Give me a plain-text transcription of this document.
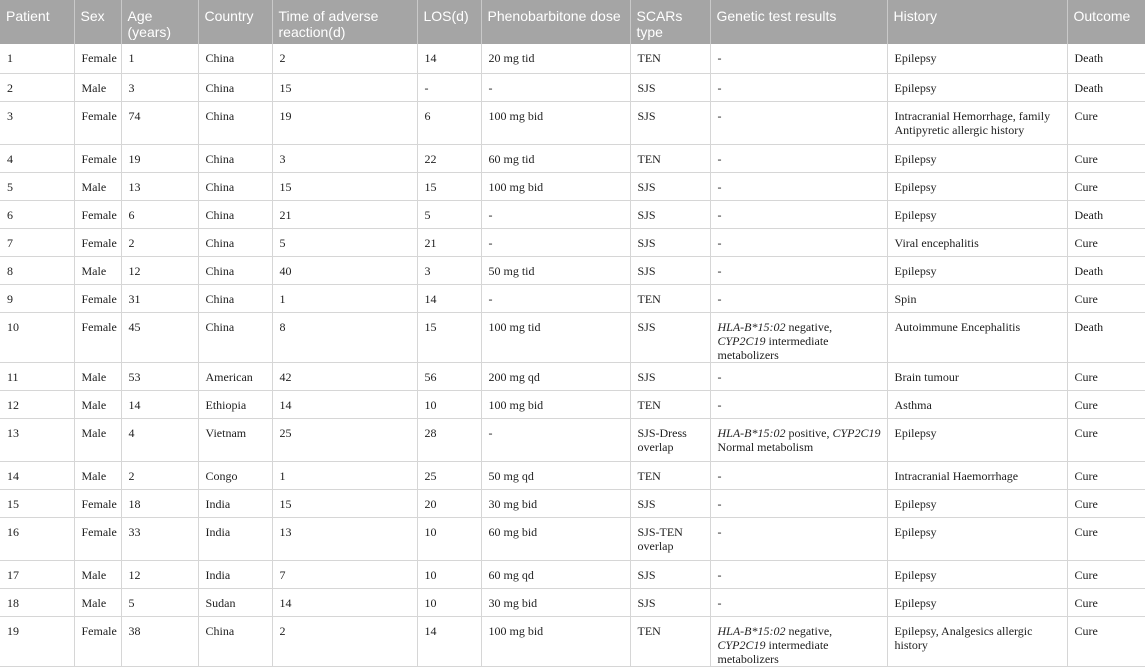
Patient	Sex	Age (years)	Country	Time of adverse reaction(d)	LOS(d)	Phenobarbitone dose	SCARs type	Genetic test results	History	Outcome
1	Female	1	China	2	14	20 mg tid	TEN	-	Epilepsy	Death
2	Male	3	China	15	-	-	SJS	-	Epilepsy	Death
3	Female	74	China	19	6	100 mg bid	SJS	-	Intracranial Hemorrhage, family Antipyretic allergic history	Cure
4	Female	19	China	3	22	60 mg tid	TEN	-	Epilepsy	Cure
5	Male	13	China	15	15	100 mg bid	SJS	-	Epilepsy	Cure
6	Female	6	China	21	5	-	SJS	-	Epilepsy	Death
7	Female	2	China	5	21	-	SJS	-	Viral encephalitis	Cure
8	Male	12	China	40	3	50 mg tid	SJS	-	Epilepsy	Death
9	Female	31	China	1	14	-	TEN	-	Spin	Cure
10	Female	45	China	8	15	100 mg tid	SJS	HLA-B*15:02 negative, CYP2C19 intermediate metabolizers	Autoimmune Encephalitis	Death
11	Male	53	American	42	56	200 mg qd	SJS	-	Brain tumour	Cure
12	Male	14	Ethiopia	14	10	100 mg bid	TEN	-	Asthma	Cure
13	Male	4	Vietnam	25	28	-	SJS-Dress overlap	HLA-B*15:02 positive, CYP2C19 Normal metabolism	Epilepsy	Cure
14	Male	2	Congo	1	25	50 mg qd	TEN	-	Intracranial Haemorrhage	Cure
15	Female	18	India	15	20	30 mg bid	SJS	-	Epilepsy	Cure
16	Female	33	India	13	10	60 mg bid	SJS-TEN overlap	-	Epilepsy	Cure
17	Male	12	India	7	10	60 mg qd	SJS	-	Epilepsy	Cure
18	Male	5	Sudan	14	10	30 mg bid	SJS	-	Epilepsy	Cure
19	Female	38	China	2	14	100 mg bid	TEN	HLA-B*15:02 negative, CYP2C19 intermediate metabolizers	Epilepsy, Analgesics allergic history	Cure
